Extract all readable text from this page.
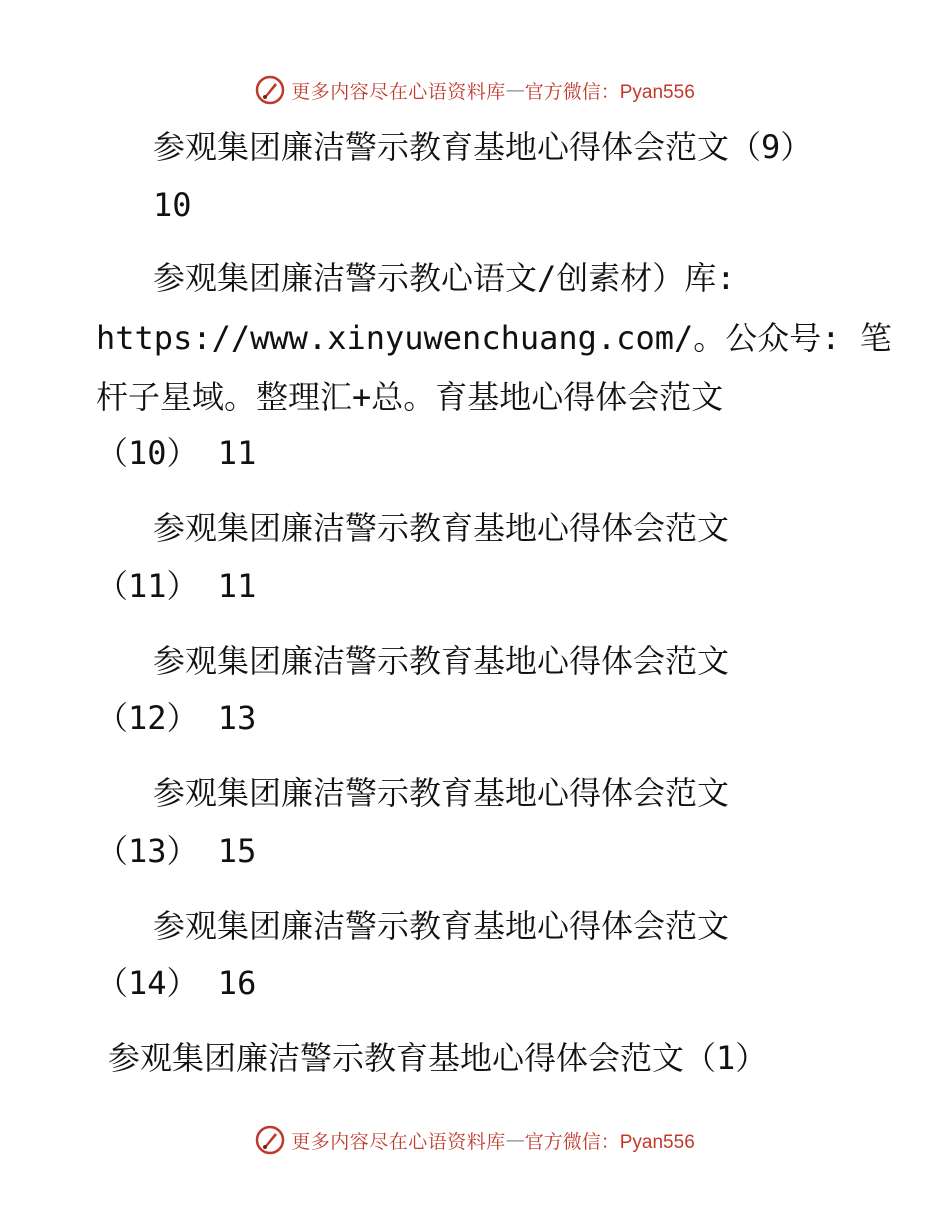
更多内容尽在心语资料库 — 官方微信：Pyan556
参观集团廉洁警示教育基地心得体会范文（9）
10
参观集团廉洁警示教心语文/创素材）库:
https://www.xinyuwenchuang.com/。公众号: 笔
杆子星域。整理汇+总。育基地心得体会范文
（10） 11
参观集团廉洁警示教育基地心得体会范文
（11） 11
参观集团廉洁警示教育基地心得体会范文
（12） 13
参观集团廉洁警示教育基地心得体会范文
（13） 15
参观集团廉洁警示教育基地心得体会范文
（14） 16
参观集团廉洁警示教育基地心得体会范文（1）
更多内容尽在心语资料库 — 官方微信：Pyan556
